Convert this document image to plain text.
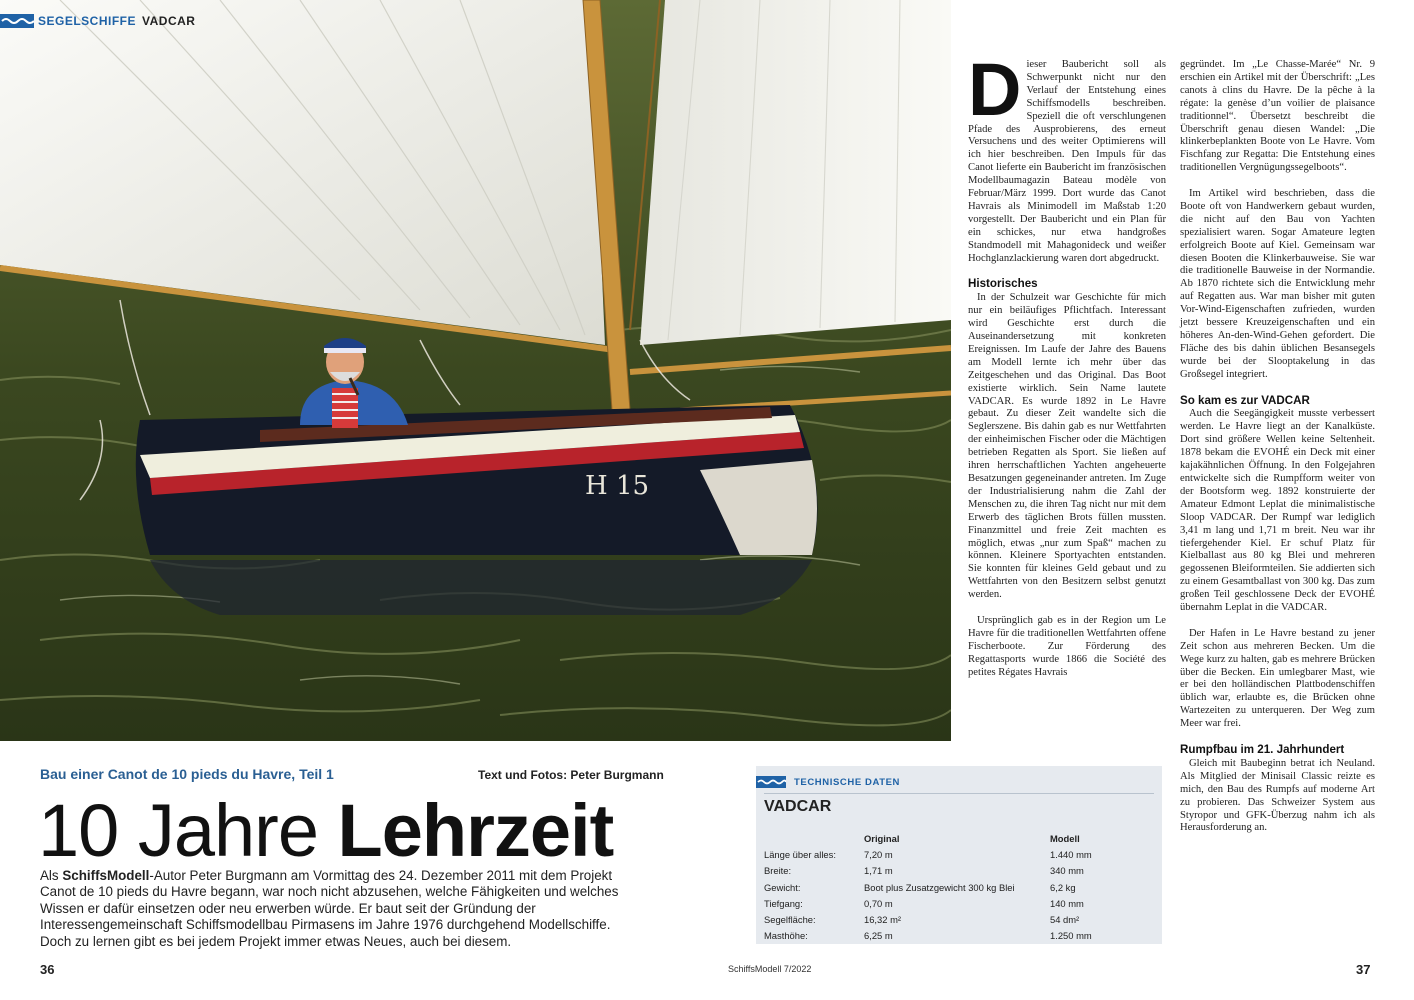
H 15
SEGELSCHIFFE VADCAR
Bau einer Canot de 10 pieds du Havre, Teil 1	Text und Fotos: Peter Burgmann
10 Jahre Lehrzeit
Als SchiffsModell-Autor Peter Burgmann am Vormittag des 24. Dezember 2011 mit dem Projekt Canot de 10 pieds du Havre begann, war noch nicht abzusehen, welche Fähigkeiten und welches Wissen er dafür einsetzen oder neu erwerben würde. Er baut seit der Gründung der Interessengemeinschaft Schiffsmodellbau Pirmasens im Jahre 1976 durchgehend Modellschiffe. Doch zu lernen gibt es bei jedem Projekt immer etwas Neues, auch bei diesem.
TECHNISCHE DATEN
VADCAR
	Original	Modell
Länge über alles:	7,20 m	1.440 mm
Breite:	1,71 m	340 mm
Gewicht:	Boot plus Zusatzgewicht 300 kg Blei	6,2 kg
Tiefgang:	0,70 m	140 mm
Segelfläche:	16,32 m²	54 dm²
Masthöhe:	6,25 m	1.250 mm

Dieser Baubericht soll als Schwerpunkt nicht nur den Verlauf der Entstehung eines Schiffsmodells beschreiben. Speziell die oft verschlungenen Pfade des Ausprobierens, des erneut Versuchens und des weiter Optimierens will ich hier beschreiben. Den Impuls für das Canot lieferte ein Baubericht im französischen Modellbaumagazin Bateau modèle von Februar/März 1999. Dort wurde das Canot Havrais als Minimodell im Maßstab 1:20 vorgestellt. Der Baubericht und ein Plan für ein schickes, nur etwa handgroßes Standmodell mit Mahagonideck und weißer Hochglanzlackierung waren dort abgedruckt.

Historisches

In der Schulzeit war Geschichte für mich nur ein beiläufiges Pflichtfach. Interessant wird Geschichte erst durch die Auseinandersetzung mit konkreten Ereignissen. Im Laufe der Jahre des Bauens am Modell lernte ich mehr über das Zeitgeschehen und das Original. Das Boot existierte wirklich. Sein Name lautete VADCAR. Es wurde 1892 in Le Havre gebaut. Zu dieser Zeit wandelte sich die Seglerszene. Bis dahin gab es nur Wettfahrten der einheimischen Fischer oder die Mächtigen betrieben Regatten als Sport. Sie ließen auf ihren herrschaftlichen Yachten angeheuerte Besatzungen gegeneinander antreten. Im Zuge der Industrialisierung nahm die Zahl der Menschen zu, die ihren Tag nicht nur mit dem Erwerb des täglichen Brots füllen mussten. Finanzmittel und freie Zeit machten es möglich, etwas „nur zum Spaß“ machen zu können. Kleinere Sportyachten entstanden. Sie konnten für kleines Geld gebaut und zu Wettfahrten von den Besitzern selbst genutzt werden.

Ursprünglich gab es in der Region um Le Havre für die traditionellen Wettfahrten offene Fischerboote. Zur Förderung des Regattasports wurde 1866 die Société des petites Régates Havrais

gegründet. Im „Le Chasse-Marée“ Nr. 9 erschien ein Artikel mit der Überschrift: „Les canots à clins du Havre. De la pêche à la régate: la genèse d’un voilier de plaisance traditionnel“. Übersetzt beschreibt die Überschrift genau diesen Wandel: „Die klinkerbeplankten Boote von Le Havre. Vom Fischfang zur Regatta: Die Entstehung eines traditionellen Vergnügungssegelboots“.

Im Artikel wird beschrieben, dass die Boote oft von Handwerkern gebaut wurden, die nicht auf den Bau von Yachten spezialisiert waren. Sogar Amateure legten erfolgreich Boote auf Kiel. Gemeinsam war diesen Booten die Klinkerbauweise. Sie war die traditionelle Bauweise in der Normandie. Ab 1870 richtete sich die Entwicklung mehr auf Regatten aus. War man bisher mit guten Vor-Wind-Eigenschaften zufrieden, wurden jetzt bessere Kreuzeigenschaften und ein höheres An-den-Wind-Gehen gefordert. Die Fläche des bis dahin üblichen Besansegels wurde bei der Slooptakelung in das Großsegel integriert.

So kam es zur VADCAR

Auch die Seegängigkeit musste verbessert werden. Le Havre liegt an der Kanalküste. Dort sind größere Wellen keine Seltenheit. 1878 bekam die EVOHÉ ein Deck mit einer kajakähnlichen Öffnung. In den Folgejahren entwickelte sich die Rumpfform weiter von der Bootsform weg. 1892 konstruierte der Amateur Edmont Leplat die minimalistische Sloop VADCAR. Der Rumpf war lediglich 3,41 m lang und 1,71 m breit. Neu war ihr tiefergehender Kiel. Er schuf Platz für Kielballast aus 80 kg Blei und mehreren gegossenen Bleiformteilen. Sie addierten sich zu einem Gesamtballast von 300 kg. Das zum großen Teil geschlossene Deck der EVOHÉ übernahm Leplat in die VADCAR.

Der Hafen in Le Havre bestand zu jener Zeit schon aus mehreren Becken. Um die Wege kurz zu halten, gab es mehrere Brücken über die Becken. Ein umlegbarer Mast, wie er bei den holländischen Plattbodenschiffen üblich war, erlaubte es, die Brücken ohne Wartezeiten zu unterqueren. Der Weg zum Meer war frei.

Rumpfbau im 21. Jahrhundert

Gleich mit Baubeginn betrat ich Neuland. Als Mitglied der Minisail Classic reizte es mich, den Bau des Rumpfs auf moderne Art zu probieren. Das Schweizer System aus Styropor und GFK-Überzug nahm ich als Herausforderung an.

36	SchiffsModell 7/2022	37
